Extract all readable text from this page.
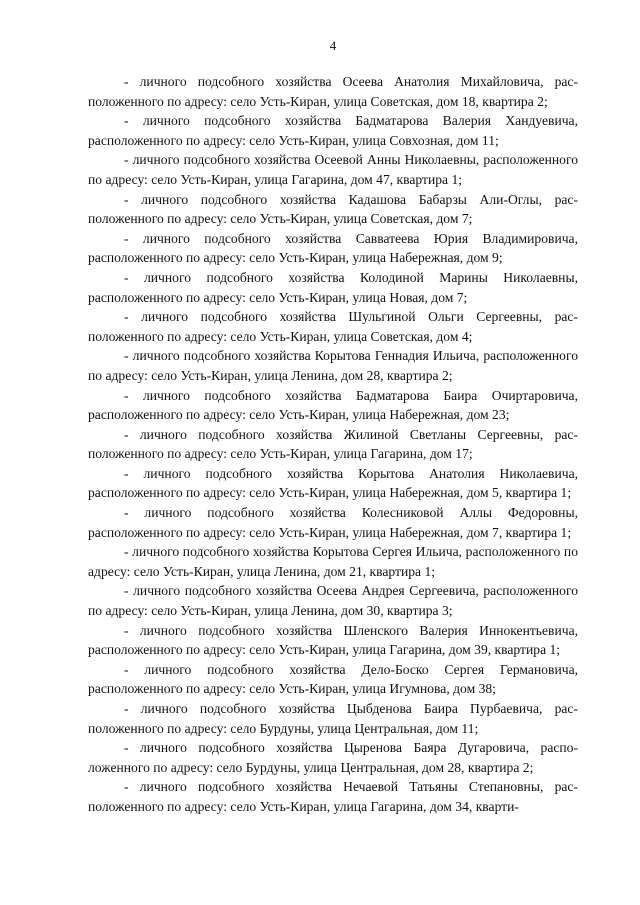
4

- личного подсобного хозяйства Осеева Анатолия Михайловича, расположенного по адресу: село Усть-Киран, улица Советская, дом 18, квартира 2;

- личного подсобного хозяйства Бадматарова Валерия Хандуевича, расположенного по адресу: село Усть-Киран, улица Совхозная, дом 11;

- личного подсобного хозяйства Осеевой Анны Николаевны, расположенного по адресу: село Усть-Киран, улица Гагарина, дом 47, квартира 1;

- личного подсобного хозяйства Кадашова Бабарзы Али-Оглы, расположенного по адресу: село Усть-Киран, улица Советская, дом 7;

- личного подсобного хозяйства Савватеева Юрия Владимировича, расположенного по адресу: село Усть-Киран, улица Набережная, дом 9;

- личного подсобного хозяйства Колодиной Марины Николаевны, расположенного по адресу: село Усть-Киран, улица Новая, дом 7;

- личного подсобного хозяйства Шульгиной Ольги Сергеевны, расположенного по адресу: село Усть-Киран, улица Советская, дом 4;

- личного подсобного хозяйства Корытова Геннадия Ильича, расположенного по адресу: село Усть-Киран, улица Ленина, дом 28, квартира 2;

- личного подсобного хозяйства Бадматарова Баира Очиртаровича, расположенного по адресу: село Усть-Киран, улица Набережная, дом 23;

- личного подсобного хозяйства Жилиной Светланы Сергеевны, расположенного по адресу: село Усть-Киран, улица Гагарина, дом 17;

- личного подсобного хозяйства Корытова Анатолия Николаевича, расположенного по адресу: село Усть-Киран, улица Набережная, дом 5, квартира 1;

- личного подсобного хозяйства Колесниковой Аллы Федоровны, расположенного по адресу: село Усть-Киран, улица Набережная, дом 7, квартира 1;

- личного подсобного хозяйства Корытова Сергея Ильича, расположенного по адресу: село Усть-Киран, улица Ленина, дом 21, квартира 1;

- личного подсобного хозяйства Осеева Андрея Сергеевича, расположенного по адресу: село Усть-Киран, улица Ленина, дом 30, квартира 3;

- личного подсобного хозяйства Шленского Валерия Иннокентьевича, расположенного по адресу: село Усть-Киран, улица Гагарина, дом 39, квартира 1;

- личного подсобного хозяйства Дело-Боско Сергея Германовича, расположенного по адресу: село Усть-Киран, улица Игумнова, дом 38;

- личного подсобного хозяйства Цыбденова Баира Пурбаевича, расположенного по адресу: село Бурдуны, улица Центральная, дом 11;

- личного подсобного хозяйства Цыренова Баяра Дугаровича, расположенного по адресу: село Бурдуны, улица Центральная, дом 28, квартира 2;

- личного подсобного хозяйства Нечаевой Татьяны Степановны, расположенного по адресу: село Усть-Киран, улица Гагарина, дом 34, кварти-
